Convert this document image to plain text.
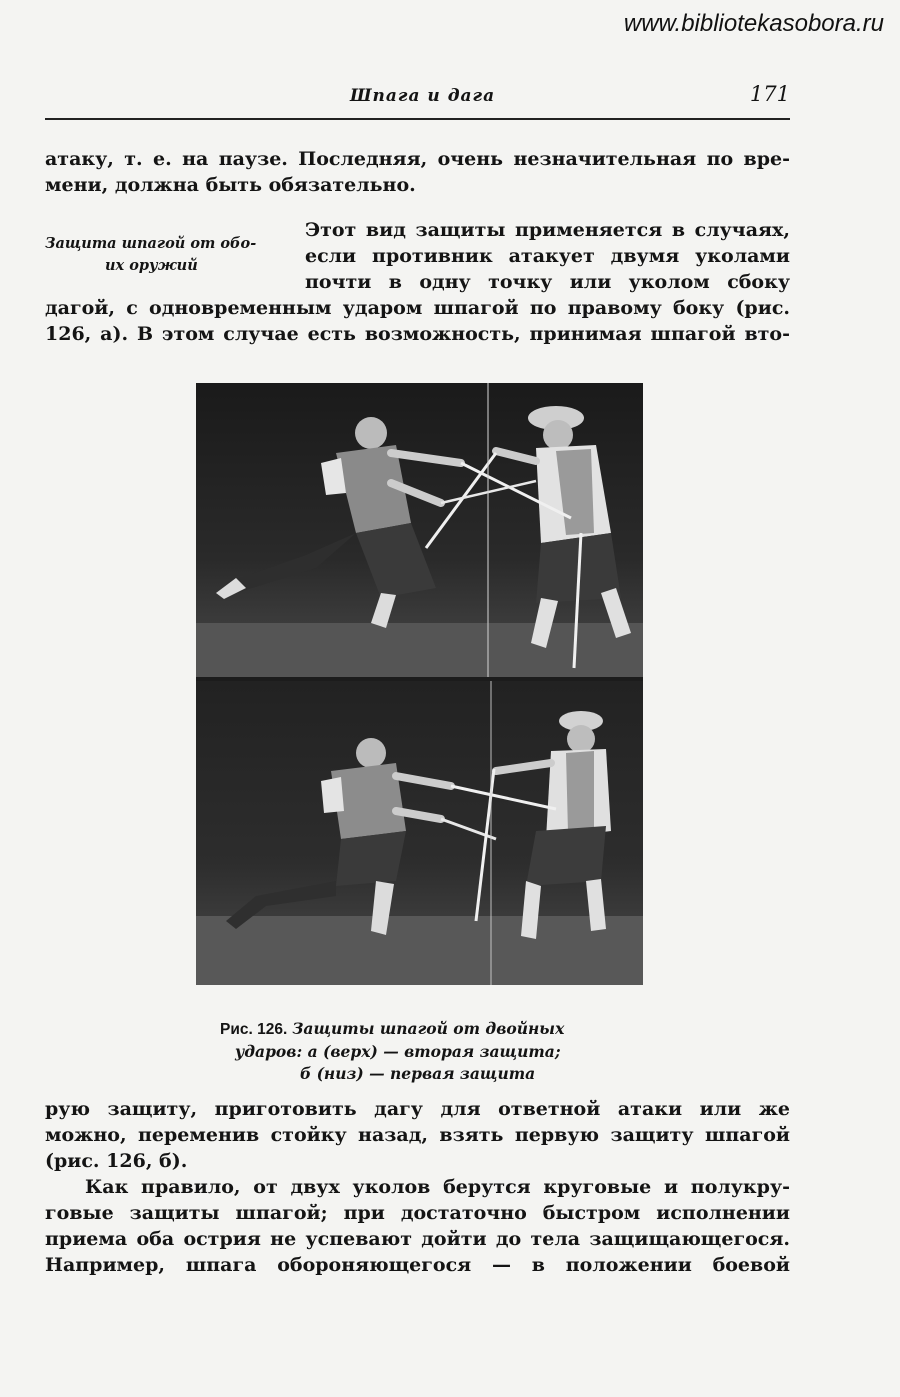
www.bibliotekasobora.ru
Шпага и дага	171
атаку, т. е. на паузе. Последняя, очень незначительная по вре-
мени, должна быть обязательно.
Защита шпагой от обо-
их оружий
Этот вид защиты применяется в случаях,
если противник атакует двумя уколами
почти в одну точку или уколом сбоку
дагой, с одновременным ударом шпагой по правому боку (рис.
126, а). В этом случае есть возможность, принимая шпагой вто-
Рис. 126. Защиты шпагой от двойных
ударов: а (верх) — вторая защита;
б (низ) — первая защита
рую защиту, приготовить дагу для ответной атаки или же
можно, переменив стойку назад, взять первую защиту шпагой
(рис. 126, б).
Как правило, от двух уколов берутся круговые и полукру-
говые защиты шпагой; при достаточно быстром исполнении
приема оба острия не успевают дойти до тела защищающегося.
Например, шпага обороняющегося — в положении боевой
